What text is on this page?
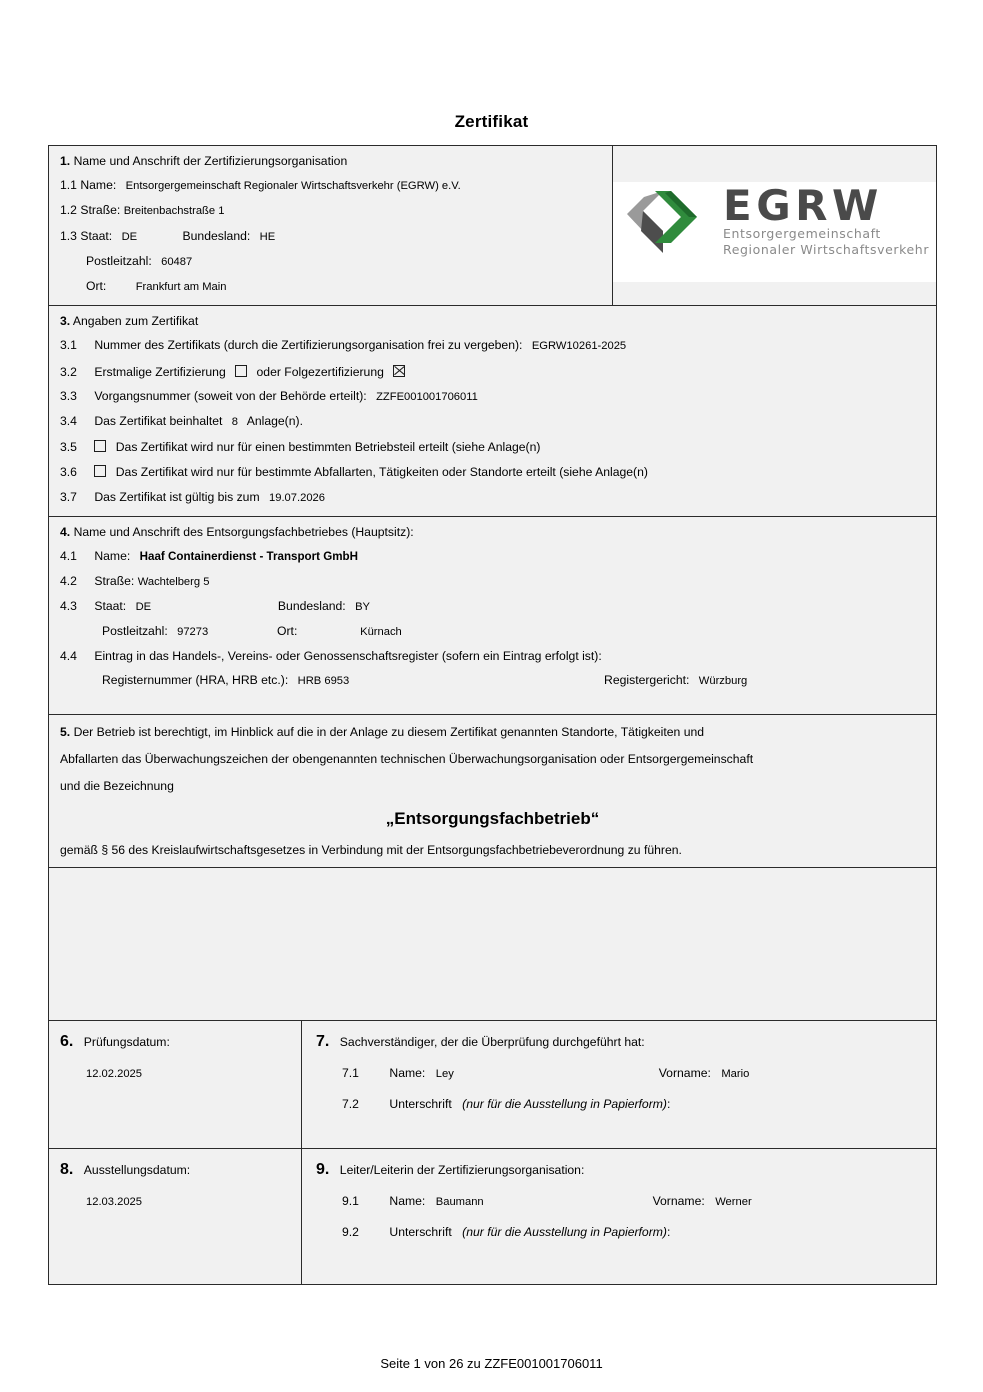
Zertifikat
1. Name und Anschrift der Zertifizierungsorganisation
1.1 Name: Entsorgergemeinschaft Regionaler Wirtschaftsverkehr (EGRW) e.V.
1.2 Straße: Breitenbachstraße 1
1.3 Staat: DE	Bundesland: HE
Postleitzahl: 60487
Ort:	Frankfurt am Main

EGRW
Entsorgergemeinschaft
Regionaler Wirtschaftsverkehr

3. Angaben zum Zertifikat
3.1 Nummer des Zertifikats (durch die Zertifizierungsorganisation frei zu vergeben): EGRW10261-2025
3.2 Erstmalige Zertifizierung	oder Folgezertifizierung
3.3 Vorgangsnummer (soweit von der Behörde erteilt): ZZFE001001706011
3.4 Das Zertifikat beinhaltet 8 Anlage(n).
3.5	Das Zertifikat wird nur für einen bestimmten Betriebsteil erteilt (siehe Anlage(n)
3.6	Das Zertifikat wird nur für bestimmte Abfallarten, Tätigkeiten oder Standorte erteilt (siehe Anlage(n)
3.7 Das Zertifikat ist gültig bis zum 19.07.2026

4. Name und Anschrift des Entsorgungsfachbetriebes (Hauptsitz):
4.1 Name: Haaf Containerdienst - Transport GmbH
4.2 Straße: Wachtelberg 5
4.3 Staat: DE	Bundesland: BY
Postleitzahl: 97273	Ort:	Kürnach
4.4 Eintrag in das Handels-, Vereins- oder Genossenschaftsregister (sofern ein Eintrag erfolgt ist):
Registernummer (HRA, HRB etc.): HRB 6953	Registergericht: Würzburg

5. Der Betrieb ist berechtigt, im Hinblick auf die in der Anlage zu diesem Zertifikat genannten Standorte, Tätigkeiten und
Abfallarten das Überwachungszeichen der obengenannten technischen Überwachungsorganisation oder Entsorgergemeinschaft
und die Bezeichnung
„Entsorgungsfachbetrieb“
gemäß § 56 des Kreislaufwirtschaftsgesetzes in Verbindung mit der Entsorgungsfachbetriebeverordnung zu führen.		

6. Prüfungsdatum:
12.02.2025

7. Sachverständiger, der die Überprüfung durchgeführt hat:
7.1 Name: Ley	Vorname: Mario
7.2 Unterschrift (nur für die Ausstellung in Papierform):

8. Ausstellungsdatum:
12.03.2025

9. Leiter/Leiterin der Zertifizierungsorganisation:
9.1 Name: Baumann	Vorname: Werner
9.2 Unterschrift (nur für die Ausstellung in Papierform):
Seite 1 von 26 zu ZZFE001001706011
